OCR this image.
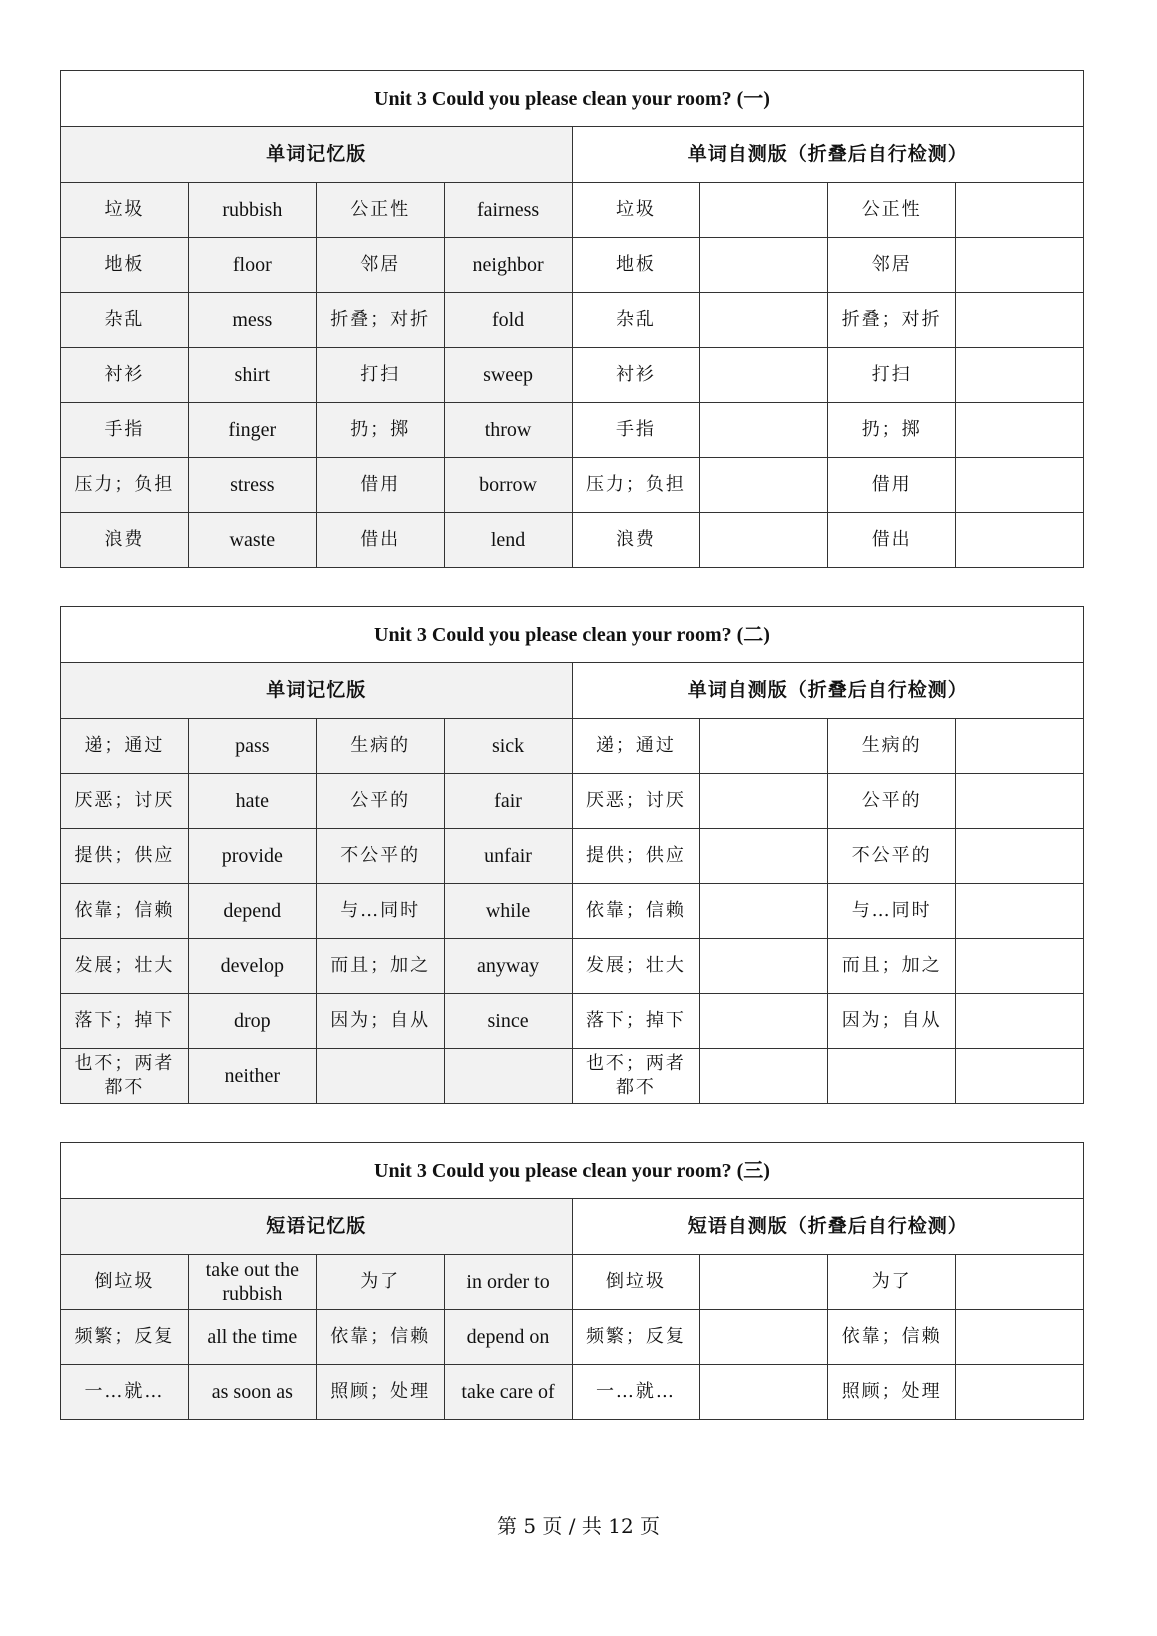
Unit 3 Could you please clean your room? (一)							
单词记忆版				单词自测版（折叠后自行检测）			
垃圾	rubbish	公正性	fairness	垃圾		公正性	
地板	floor	邻居	neighbor	地板		邻居	
杂乱	mess	折叠；对折	fold	杂乱		折叠；对折	
衬衫	shirt	打扫	sweep	衬衫		打扫	
手指	finger	扔；掷	throw	手指		扔；掷	
压力；负担	stress	借用	borrow	压力；负担		借用	
浪费	waste	借出	lend	浪费		借出	
Unit 3 Could you please clean your room? (二)							
单词记忆版				单词自测版（折叠后自行检测）			
递；通过	pass	生病的	sick	递；通过		生病的	
厌恶；讨厌	hate	公平的	fair	厌恶；讨厌		公平的	
提供；供应	provide	不公平的	unfair	提供；供应		不公平的	
依靠；信赖	depend	与…同时	while	依靠；信赖		与…同时	
发展；壮大	develop	而且；加之	anyway	发展；壮大		而且；加之	
落下；掉下	drop	因为；自从	since	落下；掉下		因为；自从	
也不；两者都不	neither			也不；两者都不			
Unit 3 Could you please clean your room? (三)							
短语记忆版				短语自测版（折叠后自行检测）			
倒垃圾	take out the rubbish	为了	in order to	倒垃圾		为了	
频繁；反复	all the time	依靠；信赖	depend on	频繁；反复		依靠；信赖	
一…就…	as soon as	照顾；处理	take care of	一…就…		照顾；处理	
第 5 页 / 共 12 页
